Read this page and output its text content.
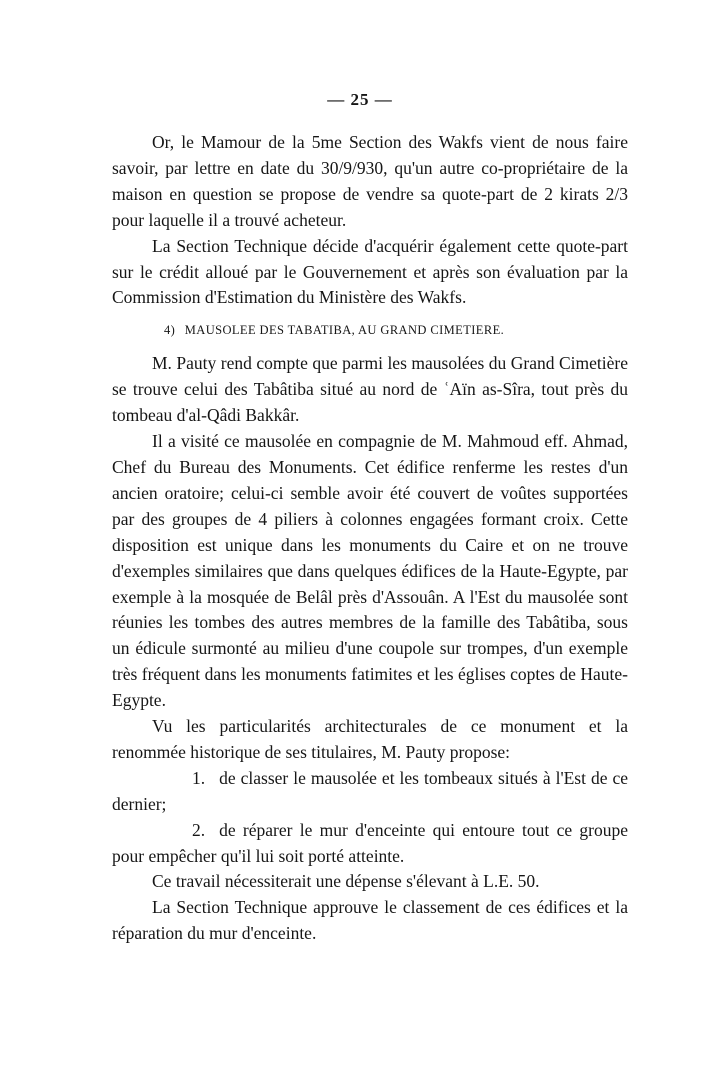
— 25 —

Or, le Mamour de la 5me Section des Wakfs vient de nous faire savoir, par lettre en date du 30/9/930, qu'un autre co-propriétaire de la maison en question se propose de vendre sa quote-part de 2 kirats 2/3 pour laquelle il a trouvé acheteur.

La Section Technique décide d'acquérir également cette quote-part sur le crédit alloué par le Gouvernement et après son évaluation par la Commission d'Estimation du Ministère des Wakfs.

4) MAUSOLEE DES TABATIBA, AU GRAND CIMETIERE.

M. Pauty rend compte que parmi les mausolées du Grand Cimetière se trouve celui des Tabâtiba situé au nord de ʿAïn as-Sîra, tout près du tombeau d'al-Qâdi Bakkâr.

Il a visité ce mausolée en compagnie de M. Mahmoud eff. Ahmad, Chef du Bureau des Monuments. Cet édifice renferme les restes d'un ancien oratoire; celui-ci semble avoir été couvert de voûtes supportées par des groupes de 4 piliers à colonnes engagées formant croix. Cette disposition est unique dans les monuments du Caire et on ne trouve d'exemples similaires que dans quelques édifices de la Haute-Egypte, par exemple à la mosquée de Belâl près d'Assouân. A l'Est du mausolée sont réunies les tombes des autres membres de la famille des Tabâtiba, sous un édicule surmonté au milieu d'une coupole sur trompes, d'un exemple très fréquent dans les monuments fatimites et les églises coptes de Haute-Egypte.

Vu les particularités architecturales de ce monument et la renommée historique de ses titulaires, M. Pauty propose:

1. de classer le mausolée et les tombeaux situés à l'Est de ce dernier;

2. de réparer le mur d'enceinte qui entoure tout ce groupe pour empêcher qu'il lui soit porté atteinte.

Ce travail nécessiterait une dépense s'élevant à L.E. 50.

La Section Technique approuve le classement de ces édifices et la réparation du mur d'enceinte.
